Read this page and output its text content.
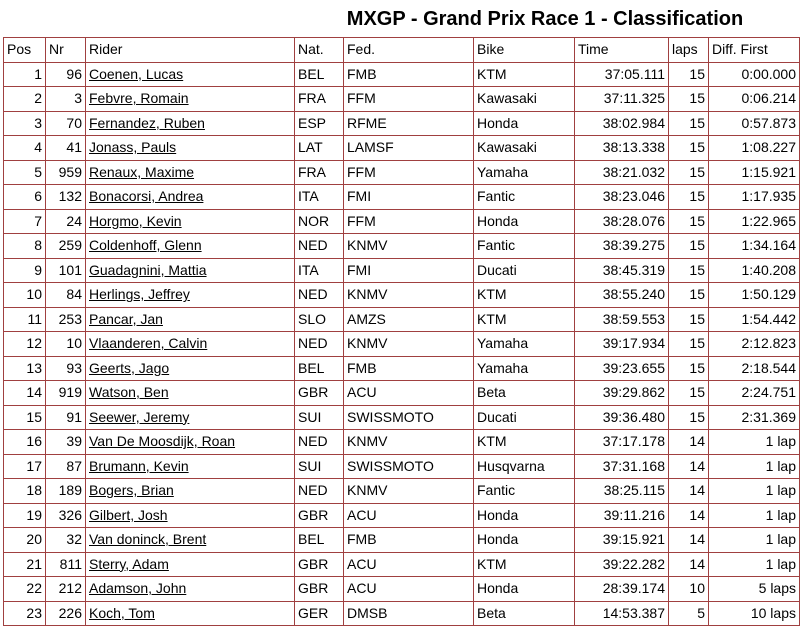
MXGP - Grand Prix Race 1 - Classification
Pos	Nr	Rider	Nat.	Fed.	Bike	Time	laps	Diff. First
1	96	Coenen, Lucas	BEL	FMB	KTM	37:05.111	15	0:00.000
2	3	Febvre, Romain	FRA	FFM	Kawasaki	37:11.325	15	0:06.214
3	70	Fernandez, Ruben	ESP	RFME	Honda	38:02.984	15	0:57.873
4	41	Jonass, Pauls	LAT	LAMSF	Kawasaki	38:13.338	15	1:08.227
5	959	Renaux, Maxime	FRA	FFM	Yamaha	38:21.032	15	1:15.921
6	132	Bonacorsi, Andrea	ITA	FMI	Fantic	38:23.046	15	1:17.935
7	24	Horgmo, Kevin	NOR	FFM	Honda	38:28.076	15	1:22.965
8	259	Coldenhoff, Glenn	NED	KNMV	Fantic	38:39.275	15	1:34.164
9	101	Guadagnini, Mattia	ITA	FMI	Ducati	38:45.319	15	1:40.208
10	84	Herlings, Jeffrey	NED	KNMV	KTM	38:55.240	15	1:50.129
11	253	Pancar, Jan	SLO	AMZS	KTM	38:59.553	15	1:54.442
12	10	Vlaanderen, Calvin	NED	KNMV	Yamaha	39:17.934	15	2:12.823
13	93	Geerts, Jago	BEL	FMB	Yamaha	39:23.655	15	2:18.544
14	919	Watson, Ben	GBR	ACU	Beta	39:29.862	15	2:24.751
15	91	Seewer, Jeremy	SUI	SWISSMOTO	Ducati	39:36.480	15	2:31.369
16	39	Van De Moosdijk, Roan	NED	KNMV	KTM	37:17.178	14	1 lap
17	87	Brumann, Kevin	SUI	SWISSMOTO	Husqvarna	37:31.168	14	1 lap
18	189	Bogers, Brian	NED	KNMV	Fantic	38:25.115	14	1 lap
19	326	Gilbert, Josh	GBR	ACU	Honda	39:11.216	14	1 lap
20	32	Van doninck, Brent	BEL	FMB	Honda	39:15.921	14	1 lap
21	811	Sterry, Adam	GBR	ACU	KTM	39:22.282	14	1 lap
22	212	Adamson, John	GBR	ACU	Honda	28:39.174	10	5 laps
23	226	Koch, Tom	GER	DMSB	Beta	14:53.387	5	10 laps
